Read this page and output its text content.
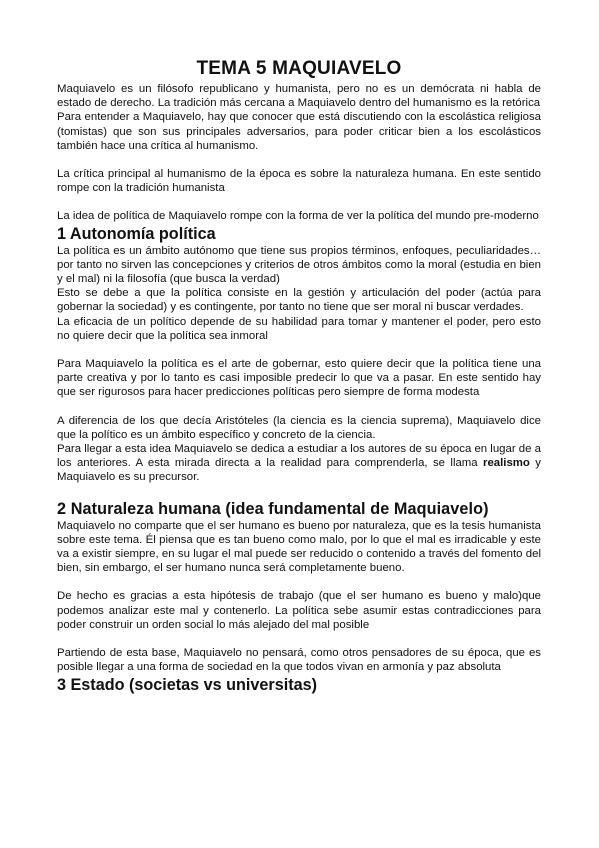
TEMA 5 MAQUIAVELO

Maquiavelo es un filósofo republicano y humanista, pero no es un demócrata ni habla de estado de derecho. La tradición más cercana a Maquiavelo dentro del humanismo es la retórica

Para entender a Maquiavelo, hay que conocer que está discutiendo con la escolástica religiosa (tomistas) que son sus principales adversarios, para poder criticar bien a los escolásticos también hace una crítica al humanismo.

La crítica principal al humanismo de la época es sobre la naturaleza humana. En este sentido rompe con la tradición humanista

La idea de política de Maquiavelo rompe con la forma de ver la política del mundo pre-moderno

1 Autonomía política

La política es un ámbito autónomo que tiene sus propios términos, enfoques, peculiaridades… por tanto no sirven las concepciones y criterios de otros ámbitos como la moral (estudia en bien y el mal) ni la filosofía (que busca la verdad)

Esto se debe a que la política consiste en la gestión y articulación del poder (actúa para gobernar la sociedad) y es contingente, por tanto no tiene que ser moral ni buscar verdades.

La eficacia de un político depende de su habilidad para tomar y mantener el poder, pero esto no quiere decir que la política sea inmoral

Para Maquiavelo la política es el arte de gobernar, esto quiere decir que la política tiene una parte creativa y por lo tanto es casi imposible predecir lo que va a pasar. En este sentido hay que ser rigurosos para hacer predicciones políticas pero siempre de forma modesta

A diferencia de los que decía Aristóteles (la ciencia es la ciencia suprema), Maquiavelo dice que la político es un ámbito específico y concreto de la ciencia.

Para llegar a esta idea Maquiavelo se dedica a estudiar a los autores de su época en lugar de a los anteriores. A esta mirada directa a la realidad para comprenderla, se llama realismo y Maquiavelo es su precursor.

2 Naturaleza humana (idea fundamental de Maquiavelo)

Maquiavelo no comparte que el ser humano es bueno por naturaleza, que es la tesis humanista sobre este tema. Él piensa que es tan bueno como malo, por lo que el mal es irradicable y este va a existir siempre, en su lugar el mal puede ser reducido o contenido a través del fomento del bien, sin embargo, el ser humano nunca será completamente bueno.

De hecho es gracias a esta hipótesis de trabajo (que el ser humano es bueno y malo)que podemos analizar este mal y contenerlo. La política sebe asumir estas contradicciones para poder construir un orden social lo más alejado del mal posible

Partiendo de esta base, Maquiavelo no pensará, como otros pensadores de su época, que es posible llegar a una forma de sociedad en la que todos vivan en armonía y paz absoluta

3 Estado (societas vs universitas)
